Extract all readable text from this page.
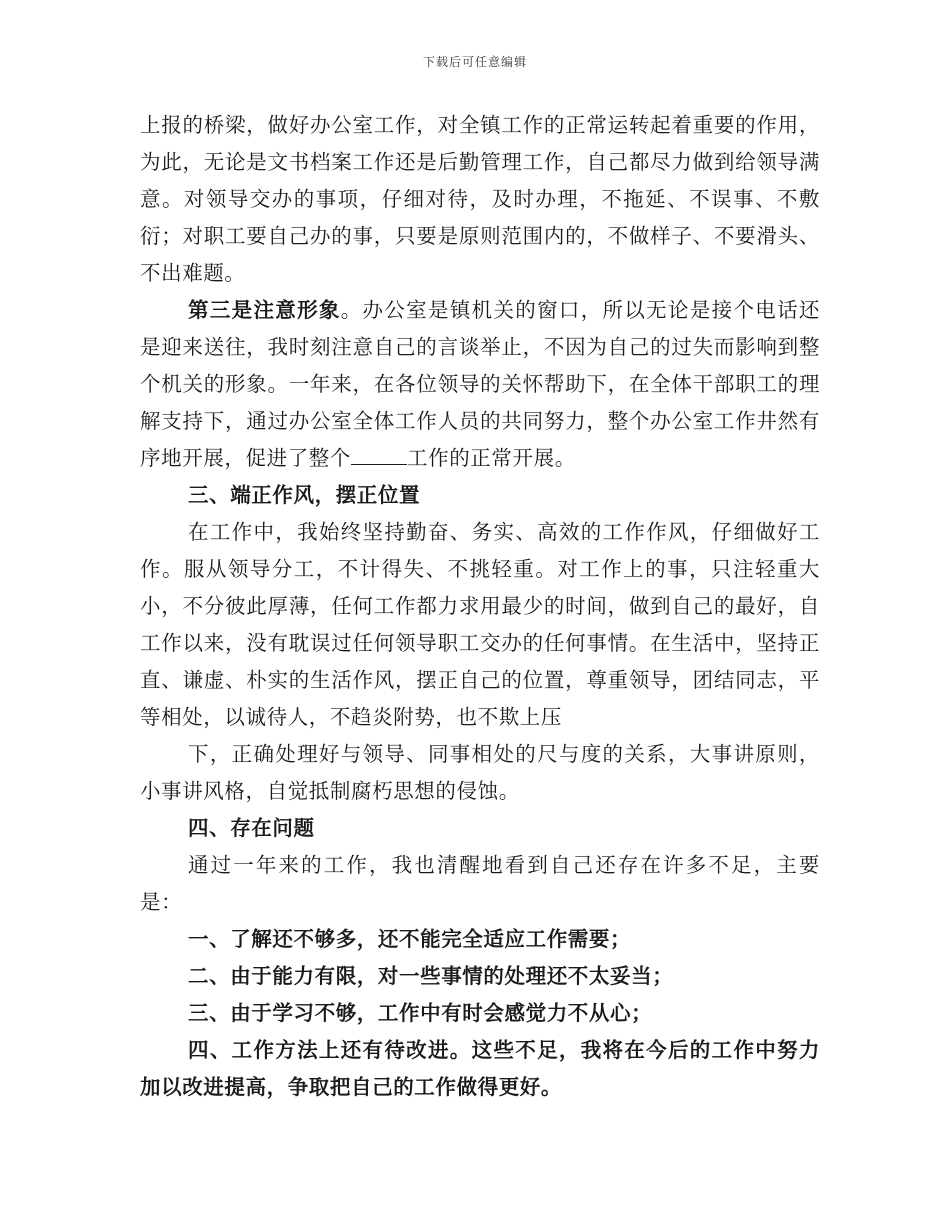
下载后可任意编辑

上报的桥梁，做好办公室工作，对全镇工作的正常运转起着重要的作用，为此，无论是文书档案工作还是后勤管理工作，自己都尽力做到给领导满意。对领导交办的事项，仔细对待，及时办理，不拖延、不误事、不敷衍；对职工要自己办的事，只要是原则范围内的，不做样子、不要滑头、不出难题。

第三是注意形象。办公室是镇机关的窗口，所以无论是接个电话还是迎来送往，我时刻注意自己的言谈举止，不因为自己的过失而影响到整个机关的形象。一年来，在各位领导的关怀帮助下，在全体干部职工的理解支持下，通过办公室全体工作人员的共同努力，整个办公室工作井然有序地开展，促进了整个	工作的正常开展。

三、端正作风，摆正位置

在工作中，我始终坚持勤奋、务实、高效的工作作风，仔细做好工作。服从领导分工，不计得失、不挑轻重。对工作上的事，只注轻重大小，不分彼此厚薄，任何工作都力求用最少的时间，做到自己的最好，自工作以来，没有耽误过任何领导职工交办的任何事情。在生活中，坚持正直、谦虚、朴实的生活作风，摆正自己的位置，尊重领导，团结同志，平等相处，以诚待人，不趋炎附势，也不欺上压

下，正确处理好与领导、同事相处的尺与度的关系，大事讲原则，小事讲风格，自觉抵制腐朽思想的侵蚀。

四、存在问题

通过一年来的工作，我也清醒地看到自己还存在许多不足，主要是：

一、了解还不够多，还不能完全适应工作需要；

二、由于能力有限，对一些事情的处理还不太妥当；

三、由于学习不够，工作中有时会感觉力不从心；

四、工作方法上还有待改进。这些不足，我将在今后的工作中努力加以改进提高，争取把自己的工作做得更好。
